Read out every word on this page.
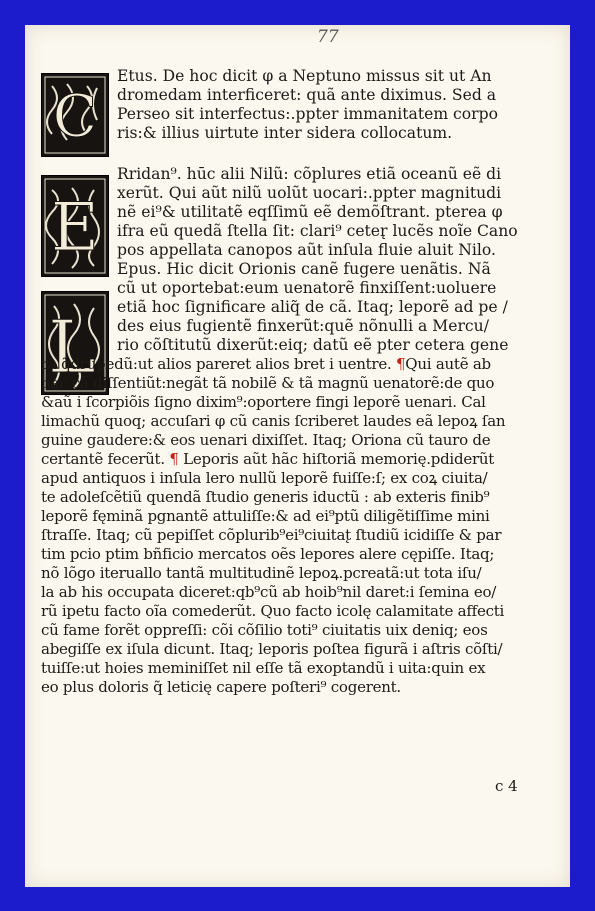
77
C
E
L
Etus. De hoc dicit φ a Neptuno missus sit ut An
dromedam interficeret: quã ante diximus. Sed a
Perseo sit interfectus:.ppter immanitatem corpo
ris:& illius uirtute inter sidera collocatum.
Rridan⁹. hūc alii Nilũ: cõplures etiã oceanũ eẽ di
xerũt. Qui aũt nilũ uolũt uocari:.ppter magnitudi
nẽ ei⁹& utilitatẽ eqſſimũ eẽ demõſtrant. ptereа φ
ifra eũ quedã ſtella ſit: clari⁹ ceter̨ lucẽs noĩe Cano
pos appellata canopos aũt inſula fluie aluit Nilo.
Epus. Hic dicit Orionis canẽ fugere uenãtis. Nã
cũ ut oportebat:eum uenatorẽ finxiſſent:uoluere
etiã hoc ſignificare aliq̃ de cã. Itaq; leporẽ ad pe /
des eius fugientẽ finxerũt:quẽ nõnulli a Mercu/
rio cõſtitutũ dixerũt:eiq; datũ eẽ pter cetera gene
ra q̃drupedũ:ut alios pareret alios bret i uentre. ¶Qui autẽ ab
hac cã diſſentiũt:negãt tã nobilẽ & tã magnũ uenatorẽ:de quo
&aũ i ſcorpiõis ſigno dixim⁹:oportere fingi leporẽ uenari. Cal
limachũ quoq; accuſari φ cũ canis ſcriberet laudes eã lepoꝝ ſan
guine gaudere:& eos uenari dixiſſet. Itaq; Oriona cũ tauro de
certantẽ fecerũt. ¶ Leporis aũt hãc hiſtoriã memorię.pdiderũt
apud antiquos i inſula lero nullũ leporẽ fuiſſe:ſ; ex coꝝ ciuita/
te adoleſcẽtiũ quendã ſtudio generis iductũ : ab exteris finib⁹
leporẽ fęminã pgnantẽ attuliſſe:& ad ei⁹ptũ diligẽtiſſime mini
ſtraſſe. Itaq; cũ pepiſſet cõplurib⁹ei⁹ciuitat̨ ſtudiũ icidiſſe & par
tim pcio ptim bñficio mercatos oẽs lepores alere cępiſſe. Itaq;
nõ lõgo iteruallo tantã multitudinẽ lepoꝝ.pcreatã:ut tota iſu/
la ab his occupata diceret:qb⁹cũ ab hoib⁹nil daret:i ſemina eo/
rũ ipetu facto oĩa comederũt. Quo facto icolę calamitate affecti
cũ fame forẽt oppreſſi: cõi cõſilio toti⁹ ciuitatis uix deniq; eos
abegiſſe ex iſula dicunt. Itaq; leporis poſtea figurã i aſtris cõſti/
tuiſſe:ut hoies meminiſſet nil eſſe tã exoptandũ i uita:quin ex
eo plus doloris q̃ leticię capere poſteri⁹ cogerent.
c 4
